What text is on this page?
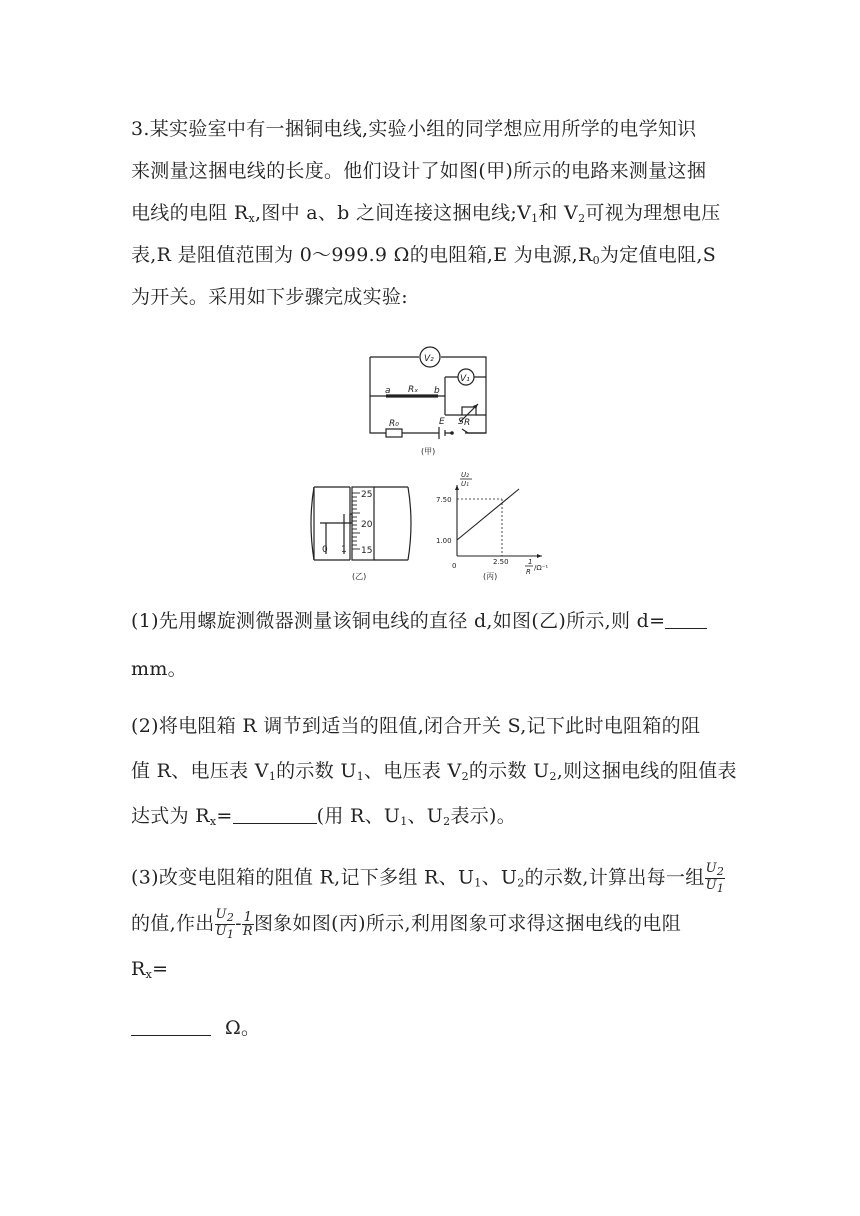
3.某实验室中有一捆铜电线,实验小组的同学想应用所学的电学知识
来测量这捆电线的长度。他们设计了如图(甲)所示的电路来测量这捆
电线的电阻 $R_x$,图中 a、b 之间连接这捆电线$;V_1$和 $V_2$可视为理想电压
表,R 是阻值范围为 0～999.9 Ω的电阻箱,E 为电源$,R_0$为定值电阻,S
为开关。采用如下步骤完成实验:
V₂
V₁
a Rₓ b
R
R₀	E S
(甲)
25
20
15
0 1
(乙)
U₂
U₁
7.50
1.00
2.50
0	1
R /Ω⁻¹
(丙)
(1)先用螺旋测微器测量该铜电线的直径 d,如图(乙)所示,则 d=
mm。
(2)将电阻箱 R 调节到适当的阻值,闭合开关 S,记下此时电阻箱的阻
值 R、电压表 $V_1$的示数 $U_1$、电压表 $V_2$的示数 $U_2$,则这捆电线的阻值表
达式为 $R_x=$	(用 R、$U_1$、$U_2$表示)。
(3)改变电阻箱的阻值 R,记下多组 R、$U_1$、$U_2$的示数,计算出每一组 $\frac{U_2}{U_1}$
的值,作出 $\frac{U_2}{U_1} - \frac{1}{R}$ 图象如图(丙)所示,利用图象可求得这捆电线的电阻
$R_x=$
Ω。
